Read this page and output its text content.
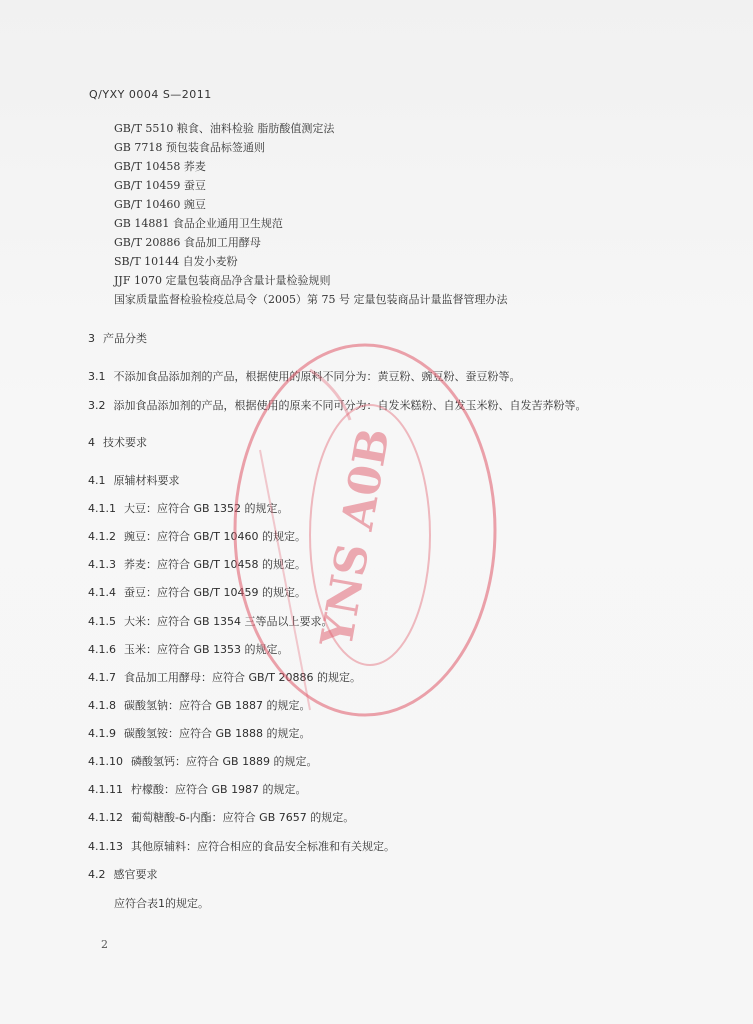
Q/YXY 0004 S—2011
GB/T 5510 粮食、油料检验 脂肪酸值测定法
GB 7718 预包装食品标签通则
GB/T 10458 荞麦
GB/T 10459 蚕豆
GB/T 10460 豌豆
GB 14881 食品企业通用卫生规范
GB/T 20886 食品加工用酵母
SB/T 10144 自发小麦粉
JJF 1070 定量包装商品净含量计量检验规则
国家质量监督检验检疫总局令（2005）第 75 号 定量包装商品计量监督管理办法
3 产品分类
3.1 不添加食品添加剂的产品，根据使用的原料不同分为：黄豆粉、豌豆粉、蚕豆粉等。
3.2 添加食品添加剂的产品，根据使用的原来不同可分为：自发米糕粉、自发玉米粉、自发苦荞粉等。
4 技术要求
4.1 原辅材料要求
4.1.1 大豆：应符合 GB 1352 的规定。
4.1.2 豌豆：应符合 GB/T 10460 的规定。
4.1.3 荞麦：应符合 GB/T 10458 的规定。
4.1.4 蚕豆：应符合 GB/T 10459 的规定。
4.1.5 大米：应符合 GB 1354 三等品以上要求。
4.1.6 玉米：应符合 GB 1353 的规定。
4.1.7 食品加工用酵母：应符合 GB/T 20886 的规定。
4.1.8 碳酸氢钠：应符合 GB 1887 的规定。
4.1.9 碳酸氢铵：应符合 GB 1888 的规定。
4.1.10 磷酸氢钙：应符合 GB 1889 的规定。
4.1.11 柠檬酸：应符合 GB 1987 的规定。
4.1.12 葡萄糖酸-δ-内酯：应符合 GB 7657 的规定。
4.1.13 其他原辅料：应符合相应的食品安全标准和有关规定。
4.2 感官要求
应符合表1的规定。
2
YNS A0B
